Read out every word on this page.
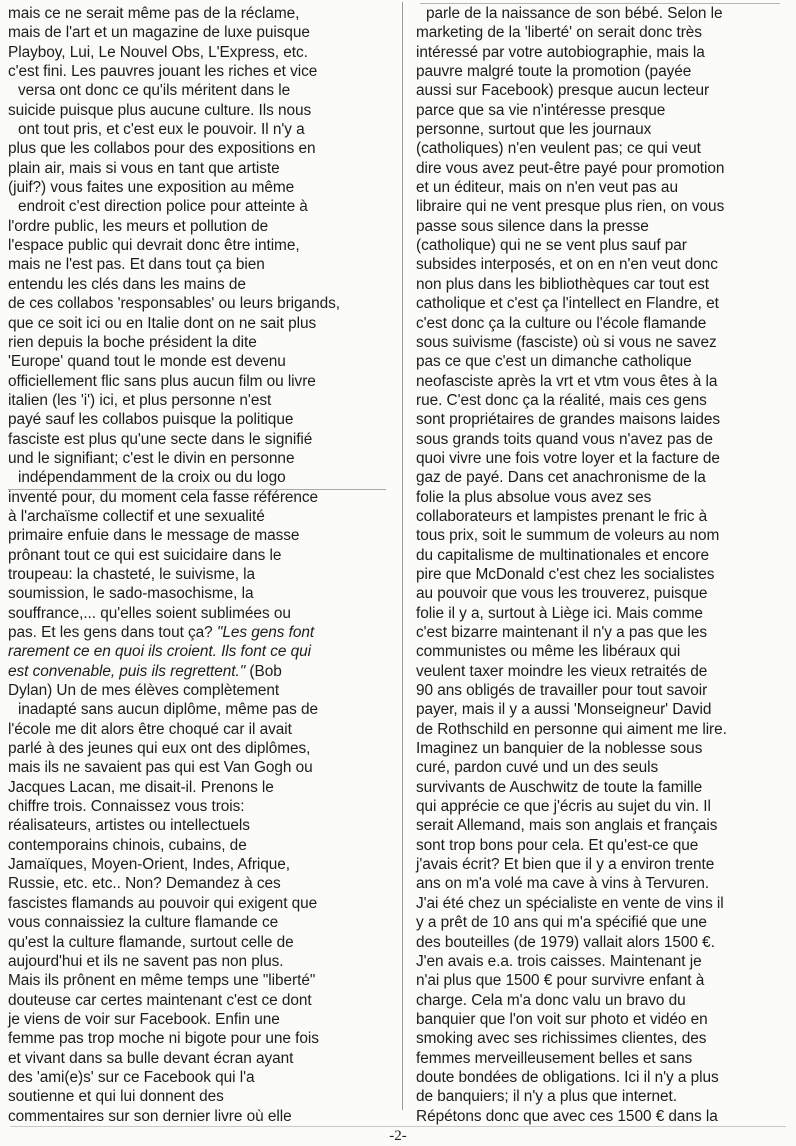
mais ce ne serait même pas de la réclame,
mais de l'art et un magazine de luxe puisque
Playboy, Lui, Le Nouvel Obs, L'Express, etc.
c'est fini. Les pauvres jouant les riches et vice
versa ont donc ce qu'ils méritent dans le
suicide puisque plus aucune culture. Ils nous
ont tout pris, et c'est eux le pouvoir. Il n'y a
plus que les collabos pour des expositions en
plain air, mais si vous en tant que artiste
(juif?) vous faites une exposition au même
endroit c'est direction police pour atteinte à
l'ordre public, les meurs et pollution de
l'espace public qui devrait donc être intime,
mais ne l'est pas. Et dans tout ça bien
entendu les clés dans les mains de
de ces collabos 'responsables' ou leurs brigands,
que ce soit ici ou en Italie dont on ne sait plus
rien depuis la boche président la dite
'Europe' quand tout le monde est devenu
officiellement flic sans plus aucun film ou livre
italien (les 'i') ici, et plus personne n'est
payé sauf les collabos puisque la politique
fasciste est plus qu'une secte dans le signifié
und le signifiant; c'est le divin en personne
indépendamment de la croix ou du logo
inventé pour, du moment cela fasse référence
à l'archaïsme collectif et une sexualité
primaire enfuie dans le message de masse
prônant tout ce qui est suicidaire dans le
troupeau: la chasteté, le suivisme, la
soumission, le sado-masochisme, la
souffrance,... qu'elles soient sublimées ou
pas. Et les gens dans tout ça? "Les gens font
rarement ce en quoi ils croient. Ils font ce qui
est convenable, puis ils regrettent." (Bob
Dylan) Un de mes élèves complètement
inadapté sans aucun diplôme, même pas de
l'école me dit alors être choqué car il avait
parlé à des jeunes qui eux ont des diplômes,
mais ils ne savaient pas qui est Van Gogh ou
Jacques Lacan, me disait-il. Prenons le
chiffre trois. Connaissez vous trois:
réalisateurs, artistes ou intellectuels
contemporains chinois, cubains, de
Jamaïques, Moyen-Orient, Indes, Afrique,
Russie, etc. etc.. Non? Demandez à ces
fascistes flamands au pouvoir qui exigent que
vous connaissiez la culture flamande ce
qu'est la culture flamande, surtout celle de
aujourd'hui et ils ne savent pas non plus.
Mais ils prônent en même temps une "liberté"
douteuse car certes maintenant c'est ce dont
je viens de voir sur Facebook. Enfin une
femme pas trop moche ni bigote pour une fois
et vivant dans sa bulle devant écran ayant
des 'ami(e)s' sur ce Facebook qui l'a
soutienne et qui lui donnent des
commentaires sur son dernier livre où elle
parle de la naissance de son bébé. Selon le
marketing de la 'liberté' on serait donc très
intéressé par votre autobiographie, mais la
pauvre malgré toute la promotion (payée
aussi sur Facebook) presque aucun lecteur
parce que sa vie n'intéresse presque
personne, surtout que les journaux
(catholiques) n'en veulent pas; ce qui veut
dire vous avez peut-être payé pour promotion
et un éditeur, mais on n'en veut pas au
libraire qui ne vent presque plus rien, on vous
passe sous silence dans la presse
(catholique) qui ne se vent plus sauf par
subsides interposés, et on en n'en veut donc
non plus dans les bibliothèques car tout est
catholique et c'est ça l'intellect en Flandre, et
c'est donc ça la culture ou l'école flamande
sous suivisme (fasciste) où si vous ne savez
pas ce que c'est un dimanche catholique
neofasciste après la vrt et vtm vous êtes à la
rue. C'est donc ça la réalité, mais ces gens
sont propriétaires de grandes maisons laides
sous grands toits quand vous n'avez pas de
quoi vivre une fois votre loyer et la facture de
gaz de payé. Dans cet anachronisme de la
folie la plus absolue vous avez ses
collaborateurs et lampistes prenant le fric à
tous prix, soit le summum de voleurs au nom
du capitalisme de multinationales et encore
pire que McDonald c'est chez les socialistes
au pouvoir que vous les trouverez, puisque
folie il y a, surtout à Liège ici. Mais comme
c'est bizarre maintenant il n'y a pas que les
communistes ou même les libéraux qui
veulent taxer moindre les vieux retraités de
90 ans obligés de travailler pour tout savoir
payer, mais il y a aussi 'Monseigneur' David
de Rothschild en personne qui aiment me lire.
Imaginez un banquier de la noblesse sous
curé, pardon cuvé und un des seuls
survivants de Auschwitz de toute la famille
qui apprécie ce que j'écris au sujet du vin. Il
serait Allemand, mais son anglais et français
sont trop bons pour cela. Et qu'est-ce que
j'avais écrit? Et bien que il y a environ trente
ans on m'a volé ma cave à vins à Tervuren.
J'ai été chez un spécialiste en vente de vins il
y a prêt de 10 ans qui m'a spécifié que une
des bouteilles (de 1979) vallait alors 1500 €.
J'en avais e.a. trois caisses. Maintenant je
n'ai plus que 1500 € pour survivre enfant à
charge. Cela m'a donc valu un bravo du
banquier que l'on voit sur photo et vidéo en
smoking avec ses richissimes clientes, des
femmes merveilleusement belles et sans
doute bondées de obligations. Ici il n'y a plus
de banquiers; il n'y a plus que internet.
Répétons donc que avec ces 1500 € dans la
-2-
